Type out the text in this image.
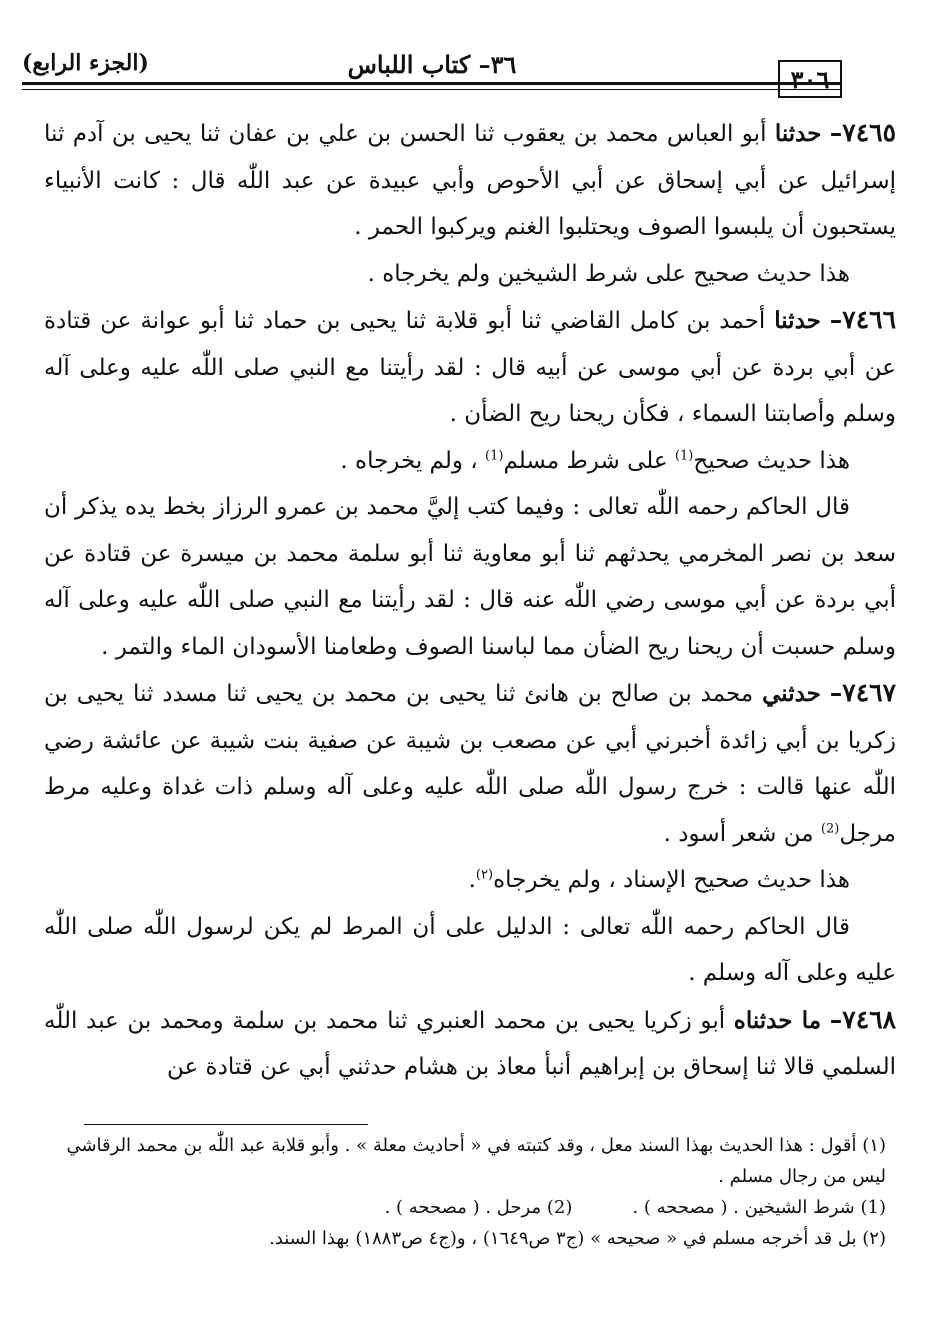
٣٠٦
٣٦– كتاب اللباس
(الجزء الرابع)

٧٤٦٥– حدثنا أبو العباس محمد بن يعقوب ثنا الحسن بن علي بن عفان ثنا يحيى بن آدم ثنا إسرائيل عن أبي إسحاق عن أبي الأحوص وأبي عبيدة عن عبد اللّٰه قال : كانت الأنبياء يستحبون أن يلبسوا الصوف ويحتلبوا الغنم ويركبوا الحمر .

هذا حديث صحيح على شرط الشيخين ولم يخرجاه .

٧٤٦٦– حدثنا أحمد بن كامل القاضي ثنا أبو قلابة ثنا يحيى بن حماد ثنا أبو عوانة عن قتادة عن أبي بردة عن أبي موسى عن أبيه قال : لقد رأيتنا مع النبي صلى اللّٰه عليه وعلى آله وسلم وأصابتنا السماء ، فكأن ريحنا ريح الضأن .

هذا حديث صحيح$^{(1)}$ على شرط مسلم$^{(1)}$ ، ولم يخرجاه .

قال الحاكم رحمه اللّٰه تعالى : وفيما كتب إليَّ محمد بن عمرو الرزاز بخط يده يذكر أن سعد بن نصر المخرمي يحدثهم ثنا أبو معاوية ثنا أبو سلمة محمد بن ميسرة عن قتادة عن أبي بردة عن أبي موسى رضي اللّٰه عنه قال : لقد رأيتنا مع النبي صلى اللّٰه عليه وعلى آله وسلم حسبت أن ريحنا ريح الضأن مما لباسنا الصوف وطعامنا الأسودان الماء والتمر .

٧٤٦٧– حدثني محمد بن صالح بن هانئ ثنا يحيى بن محمد بن يحيى ثنا مسدد ثنا يحيى بن زكريا بن أبي زائدة أخبرني أبي عن مصعب بن شيبة عن صفية بنت شيبة عن عائشة رضي اللّٰه عنها قالت : خرج رسول اللّٰه صلى اللّٰه عليه وعلى آله وسلم ذات غداة وعليه مرط مرجل$^{(2)}$ من شعر أسود .

هذا حديث صحيح الإسناد ، ولم يخرجاه$^{(٢)}$.

قال الحاكم رحمه اللّٰه تعالى : الدليل على أن المرط لم يكن لرسول اللّٰه صلى اللّٰه عليه وعلى آله وسلم .

٧٤٦٨– ما حدثناه أبو زكريا يحيى بن محمد العنبري ثنا محمد بن سلمة ومحمد بن عبد اللّٰه السلمي قالا ثنا إسحاق بن إبراهيم أنبأ معاذ بن هشام حدثني أبي عن قتادة عن

(١) أقول : هذا الحديث بهذا السند معل ، وقد كتبته في « أحاديث معلة » . وأبو قلابة عبد اللّٰه بن محمد الرقاشي ليس من رجال مسلم .

(1) شرط الشيخين . ( مصححه ) .

(2) مرحل . ( مصححه ) .

(٢) بل قد أخرجه مسلم في « صحيحه » (ج٣ ص١٦٤٩) ، و(ج٤ ص١٨٨٣) بهذا السند.
